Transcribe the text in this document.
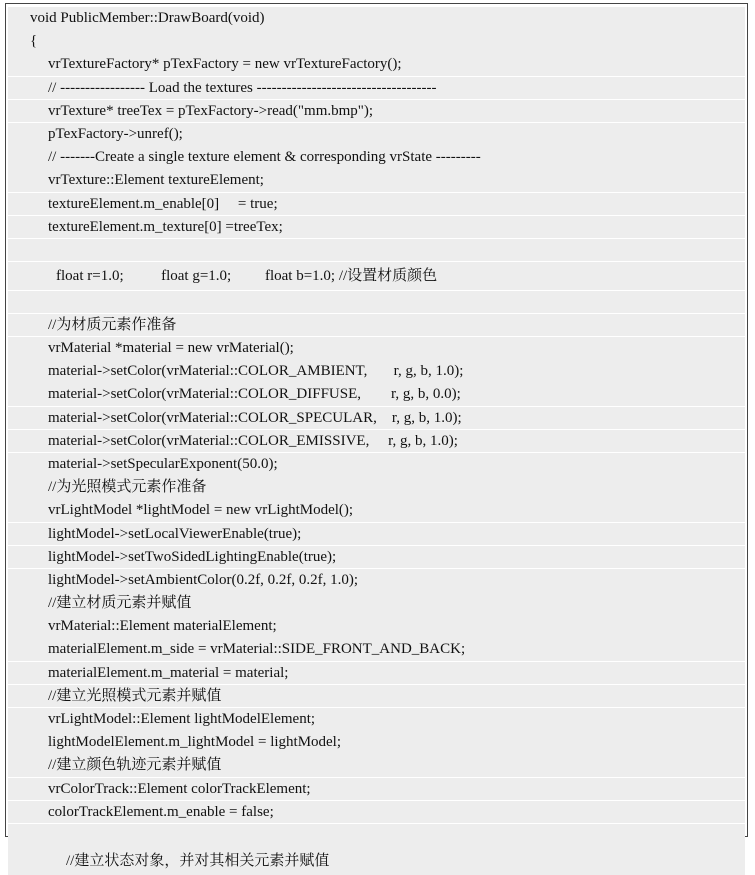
void PublicMember::DrawBoard(void)
{
vrTextureFactory* pTexFactory = new vrTextureFactory();
// ----------------- Load the textures ------------------------------------
vrTexture* treeTex = pTexFactory->read("mm.bmp");
pTexFactory->unref();
// -------Create a single texture element & corresponding vrState ---------
vrTexture::Element textureElement;
textureElement.m_enable[0]     = true;
textureElement.m_texture[0] =treeTex;
float r=1.0;          float g=1.0;         float b=1.0; //设置材质颜色
//为材质元素作准备
vrMaterial *material = new vrMaterial();
material->setColor(vrMaterial::COLOR_AMBIENT,       r, g, b, 1.0);
material->setColor(vrMaterial::COLOR_DIFFUSE,        r, g, b, 0.0);
material->setColor(vrMaterial::COLOR_SPECULAR,    r, g, b, 1.0);
material->setColor(vrMaterial::COLOR_EMISSIVE,     r, g, b, 1.0);
material->setSpecularExponent(50.0);
//为光照模式元素作准备
vrLightModel *lightModel = new vrLightModel();
lightModel->setLocalViewerEnable(true);
lightModel->setTwoSidedLightingEnable(true);
lightModel->setAmbientColor(0.2f, 0.2f, 0.2f, 1.0);
//建立材质元素并赋值
vrMaterial::Element materialElement;
materialElement.m_side = vrMaterial::SIDE_FRONT_AND_BACK;
materialElement.m_material = material;
//建立光照模式元素并赋值
vrLightModel::Element lightModelElement;
lightModelElement.m_lightModel = lightModel;
//建立颜色轨迹元素并赋值
vrColorTrack::Element colorTrackElement;
colorTrackElement.m_enable = false;
//建立状态对象，并对其相关元素并赋值
